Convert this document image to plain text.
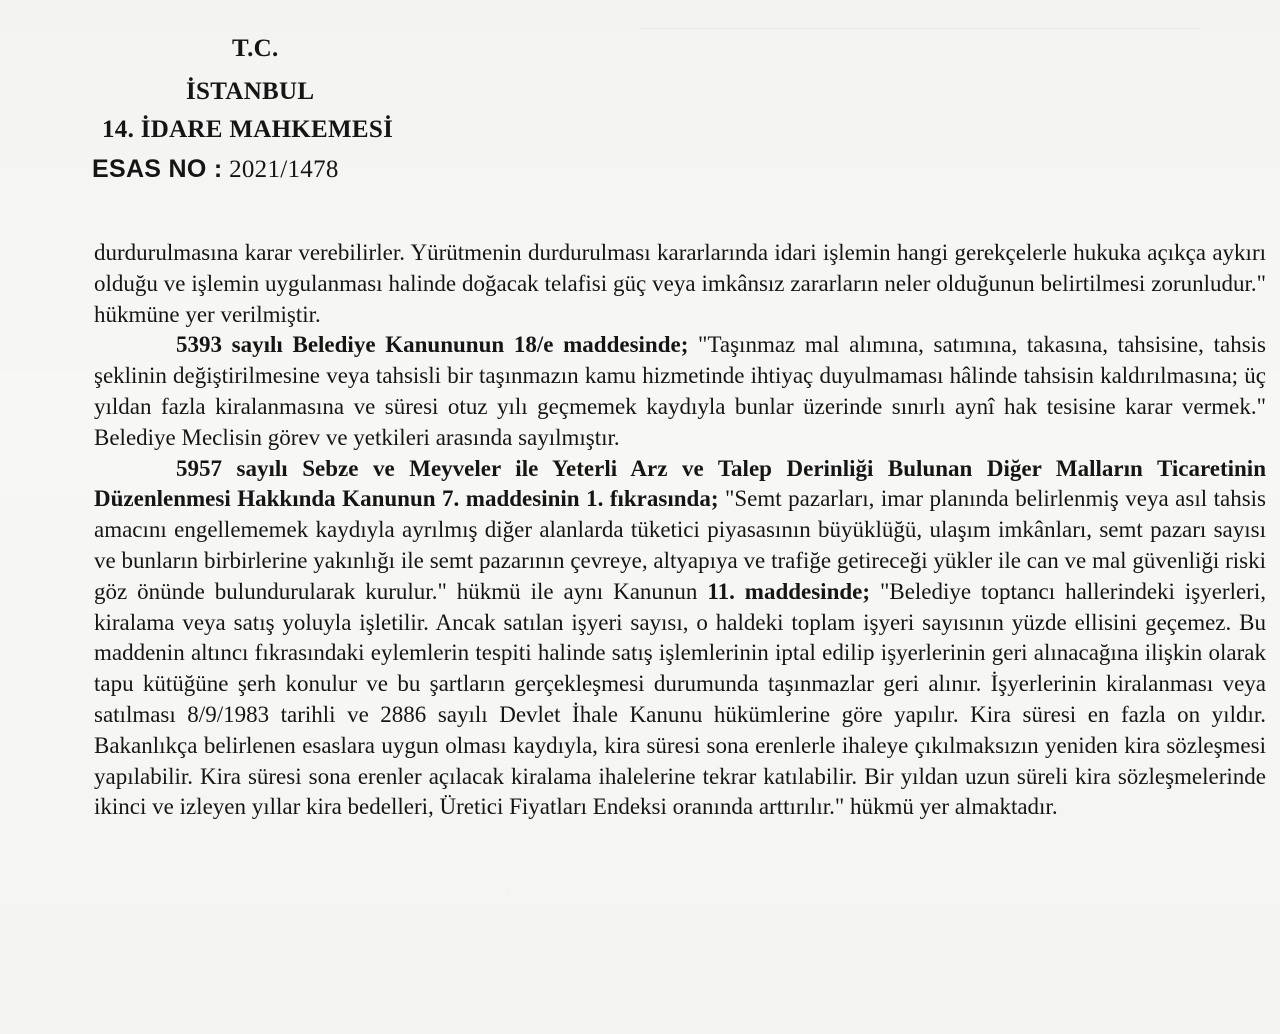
T.C.
İSTANBUL
14. İDARE MAHKEMESİ
ESAS NO : 2021/1478

durdurulmasına karar verebilirler. Yürütmenin durdurulması kararlarında idari işlemin hangi gerekçelerle hukuka açıkça aykırı olduğu ve işlemin uygulanması halinde doğacak telafisi güç veya imkânsız zararların neler olduğunun belirtilmesi zorunludur." hükmüne yer verilmiştir.

5393 sayılı Belediye Kanununun 18/e maddesinde; "Taşınmaz mal alımına, satımına, takasına, tahsisine, tahsis şeklinin değiştirilmesine veya tahsisli bir taşınmazın kamu hizmetinde ihtiyaç duyulmaması hâlinde tahsisin kaldırılmasına; üç yıldan fazla kiralanmasına ve süresi otuz yılı geçmemek kaydıyla bunlar üzerinde sınırlı aynî hak tesisine karar vermek." Belediye Meclisin görev ve yetkileri arasında sayılmıştır.

5957 sayılı Sebze ve Meyveler ile Yeterli Arz ve Talep Derinliği Bulunan Diğer Malların Ticaretinin Düzenlenmesi Hakkında Kanunun 7. maddesinin 1. fıkrasında; "Semt pazarları, imar planında belirlenmiş veya asıl tahsis amacını engellememek kaydıyla ayrılmış diğer alanlarda tüketici piyasasının büyüklüğü, ulaşım imkânları, semt pazarı sayısı ve bunların birbirlerine yakınlığı ile semt pazarının çevreye, altyapıya ve trafiğe getireceği yükler ile can ve mal güvenliği riski göz önünde bulundurularak kurulur." hükmü ile aynı Kanunun 11. maddesinde; "Belediye toptancı hallerindeki işyerleri, kiralama veya satış yoluyla işletilir. Ancak satılan işyeri sayısı, o haldeki toplam işyeri sayısının yüzde ellisini geçemez. Bu maddenin altıncı fıkrasındaki eylemlerin tespiti halinde satış işlemlerinin iptal edilip işyerlerinin geri alınacağına ilişkin olarak tapu kütüğüne şerh konulur ve bu şartların gerçekleşmesi durumunda taşınmazlar geri alınır. İşyerlerinin kiralanması veya satılması 8/9/1983 tarihli ve 2886 sayılı Devlet İhale Kanunu hükümlerine göre yapılır. Kira süresi en fazla on yıldır. Bakanlıkça belirlenen esaslara uygun olması kaydıyla, kira süresi sona erenlerle ihaleye çıkılmaksızın yeniden kira sözleşmesi yapılabilir. Kira süresi sona erenler açılacak kiralama ihalelerine tekrar katılabilir. Bir yıldan uzun süreli kira sözleşmelerinde ikinci ve izleyen yıllar kira bedelleri, Üretici Fiyatları Endeksi oranında arttırılır." hükmü yer almaktadır.
